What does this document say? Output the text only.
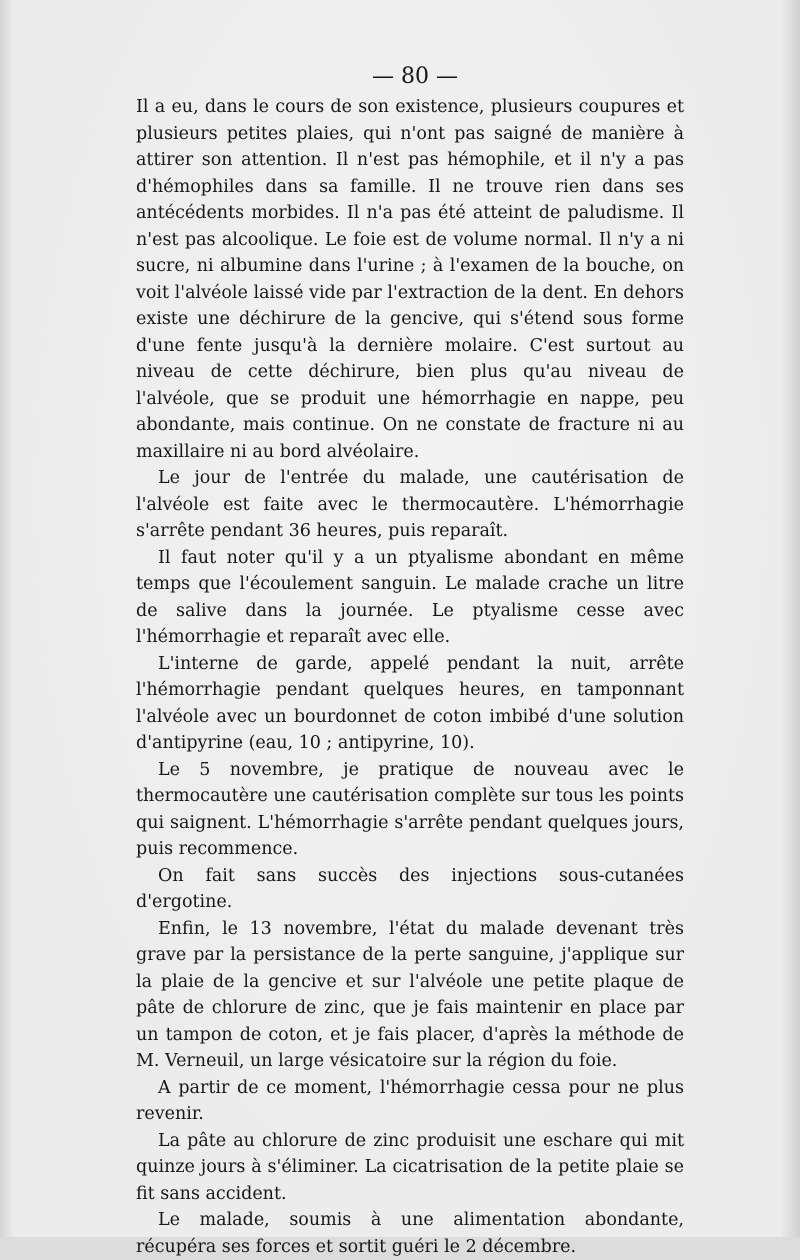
— 80 —

Il a eu, dans le cours de son existence, plusieurs coupures et plusieurs petites plaies, qui n'ont pas saigné de manière à attirer son attention. Il n'est pas hémophile, et il n'y a pas d'hémophiles dans sa famille. Il ne trouve rien dans ses antécédents morbides. Il n'a pas été atteint de paludisme. Il n'est pas alcoolique. Le foie est de volume normal. Il n'y a ni sucre, ni albumine dans l'urine ; à l'examen de la bouche, on voit l'alvéole laissé vide par l'extraction de la dent. En dehors existe une déchirure de la gencive, qui s'étend sous forme d'une fente jusqu'à la dernière molaire. C'est surtout au niveau de cette déchirure, bien plus qu'au niveau de l'alvéole, que se produit une hémorrhagie en nappe, peu abondante, mais continue. On ne constate de fracture ni au maxillaire ni au bord alvéolaire.

Le jour de l'entrée du malade, une cautérisation de l'alvéole est faite avec le thermocautère. L'hémorrhagie s'arrête pendant 36 heures, puis reparaît.

Il faut noter qu'il y a un ptyalisme abondant en même temps que l'écoulement sanguin. Le malade crache un litre de salive dans la journée. Le ptyalisme cesse avec l'hémorrhagie et reparaît avec elle.

L'interne de garde, appelé pendant la nuit, arrête l'hémorrhagie pendant quelques heures, en tamponnant l'alvéole avec un bourdonnet de coton imbibé d'une solution d'antipyrine (eau, 10 ; antipyrine, 10).

Le 5 novembre, je pratique de nouveau avec le thermocautère une cautérisation complète sur tous les points qui saignent. L'hémorrhagie s'arrête pendant quelques jours, puis recommence.

On fait sans succès des injections sous-cutanées d'ergotine.

Enfin, le 13 novembre, l'état du malade devenant très grave par la persistance de la perte sanguine, j'applique sur la plaie de la gencive et sur l'alvéole une petite plaque de pâte de chlorure de zinc, que je fais maintenir en place par un tampon de coton, et je fais placer, d'après la méthode de M. Verneuil, un large vésicatoire sur la région du foie.

A partir de ce moment, l'hémorrhagie cessa pour ne plus revenir.

La pâte au chlorure de zinc produisit une eschare qui mit quinze jours à s'éliminer. La cicatrisation de la petite plaie se fit sans accident.

Le malade, soumis à une alimentation abondante, récupéra ses forces et sortit guéri le 2 décembre.
